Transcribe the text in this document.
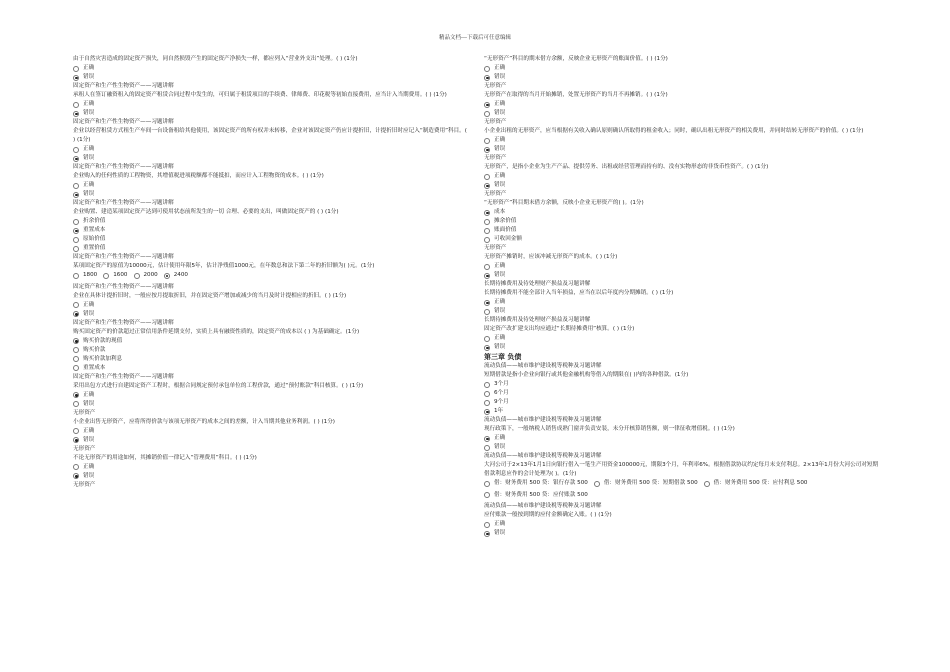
精品文档---下载后可任意编辑
由于自然灾害造成的固定资产损失，同自然损毁产生的固定资产净损失一样，都应列入“营业外支出”处理。( ) (1分)
正确
错误
固定资产和生产性生物资产——习题讲解
承租人在签订融资租入的固定资产租赁合同过程中发生的，可归属于租赁项目的手续费、律师费、印花税等初始直接费用，应当计入当期费用。( ) (1分)
正确
错误
固定资产和生产性生物资产——习题讲解
企业以经营租赁方式租生产车间一台设备租给其他使用，该固定资产的所有权并未转移，企业对该固定资产仍应计提折旧，计提折旧时应记入“制造费用”科目。( ) (1分)
正确
错误
固定资产和生产性生物资产——习题讲解
企业购入的任何性质的工程物资，其增值税进项税额都不能抵扣，而应计入工程物资的成本。( ) (1分)
正确
错误
固定资产和生产性生物资产——习题讲解
企业购置、建造某项固定资产达到可使用状态前所发生的一切 合理、必要的支出，叫做固定资产的 ( ) (1分)
折余价值
重置成本
原始价值
重置价值
固定资产和生产性生物资产——习题讲解
某项固定资产的原值为10000元，估计使用年限5年，估计净残值1000元，在年数总和法下第二年的折旧额为( )元。(1分)
1800	1600	2000	2400
固定资产和生产性生物资产——习题讲解
企业在具体计提折旧时，一般应按月提取折旧，并在固定资产增加或减少的当月及时计提相应的折旧。( ) (1分)
正确
错误
固定资产和生产性生物资产——习题讲解
购买固定资产的价款超过正常信用条件延期支付，实质上具有融资性质的，固定资产的成本以 ( ) 为基础确定。(1分)
购买价款的现值
购买价款
购买价款加利息
重置成本
固定资产和生产性生物资产——习题讲解
采用出包方式进行自建固定资产工程时，根据合同规定预付承包单位的工程价款，通过“预付账款”科目核算。( ) (1分)
正确
错误
无形资产
小企业出售无形资产，应将所得价款与该项无形资产的成本之间的差额，计入当期其他业务利润。( ) (1分)
正确
错误
无形资产
不论无形资产的用途如何，其摊销价值一律记入“管理费用”科目。( ) (1分)
正确
错误
无形资产
“无形资产”科目的期末借方余额，反映企业无形资产的账面价值。( ) (1分)
正确
错误
无形资产
无形资产在取得的当月开始摊销，处置无形资产的当月不再摊销。( ) (1分)
正确
错误
无形资产
小企业出租的无形资产，应当根据有关收入确认原则确认所取得的租金收入；同时，确认出租无形资产的相关费用，并同时结转无形资产的价值。( ) (1分)
正确
错误
无形资产
无形资产，是指小企业为生产产品、提供劳务、出租或经营管理而持有的、没有实物形态的非货币性资产。( ) (1分)
正确
错误
无形资产
“无形资产”科目期末借方余额，反映小企业无形资产的( )。(1分)
成本
摊余价值
账面价值
可收回金额
无形资产
无形资产摊销时，应该冲减无形资产的成本。( ) (1分)
正确
错误
长期待摊费用及待处理财产损益及习题讲解
长期待摊费用不能全部计入当年损益，应当在以后年度内分期摊销。( ) (1分)
正确
错误
长期待摊费用及待处理财产损益及习题讲解
固定资产改扩建支出均应通过“长期待摊费用”核算。( ) (1分)
正确
错误
第三章 负债
流动负债——城市维护建设税等税种及习题讲解
短期借款是指小企业向银行或其他金融机构等借入的期限在( )内的各种借款。(1分)
3个月
6个月
9个月
1年
流动负债——城市维护建设税等税种及习题讲解
现行政策下，一般纳税人销售成熟门窗并负责安装，未分开核算销售额，则一律征收增值税。( ) (1分)
正确
错误
流动负债——城市维护建设税等税种及习题讲解
大河公司于2×13年1月1日向银行借入一笔生产用资金100000元，期限3个月，年利率6%。根据借款协议约定每月末支付利息。2×13年1月份大河公司对短期借款利息应作的会计处理为( )。(1分)
借：财务费用 500 贷：银行存款 500	借：财务费用 500 贷：短期借款 500	借：财务费用 500 贷：应付利息 500
借：财务费用 500 贷：应付账款 500
流动负债——城市维护建设税等税种及习题讲解
应付账款一般按到期的应付金额确定入账。( ) (1分)
正确
错误
